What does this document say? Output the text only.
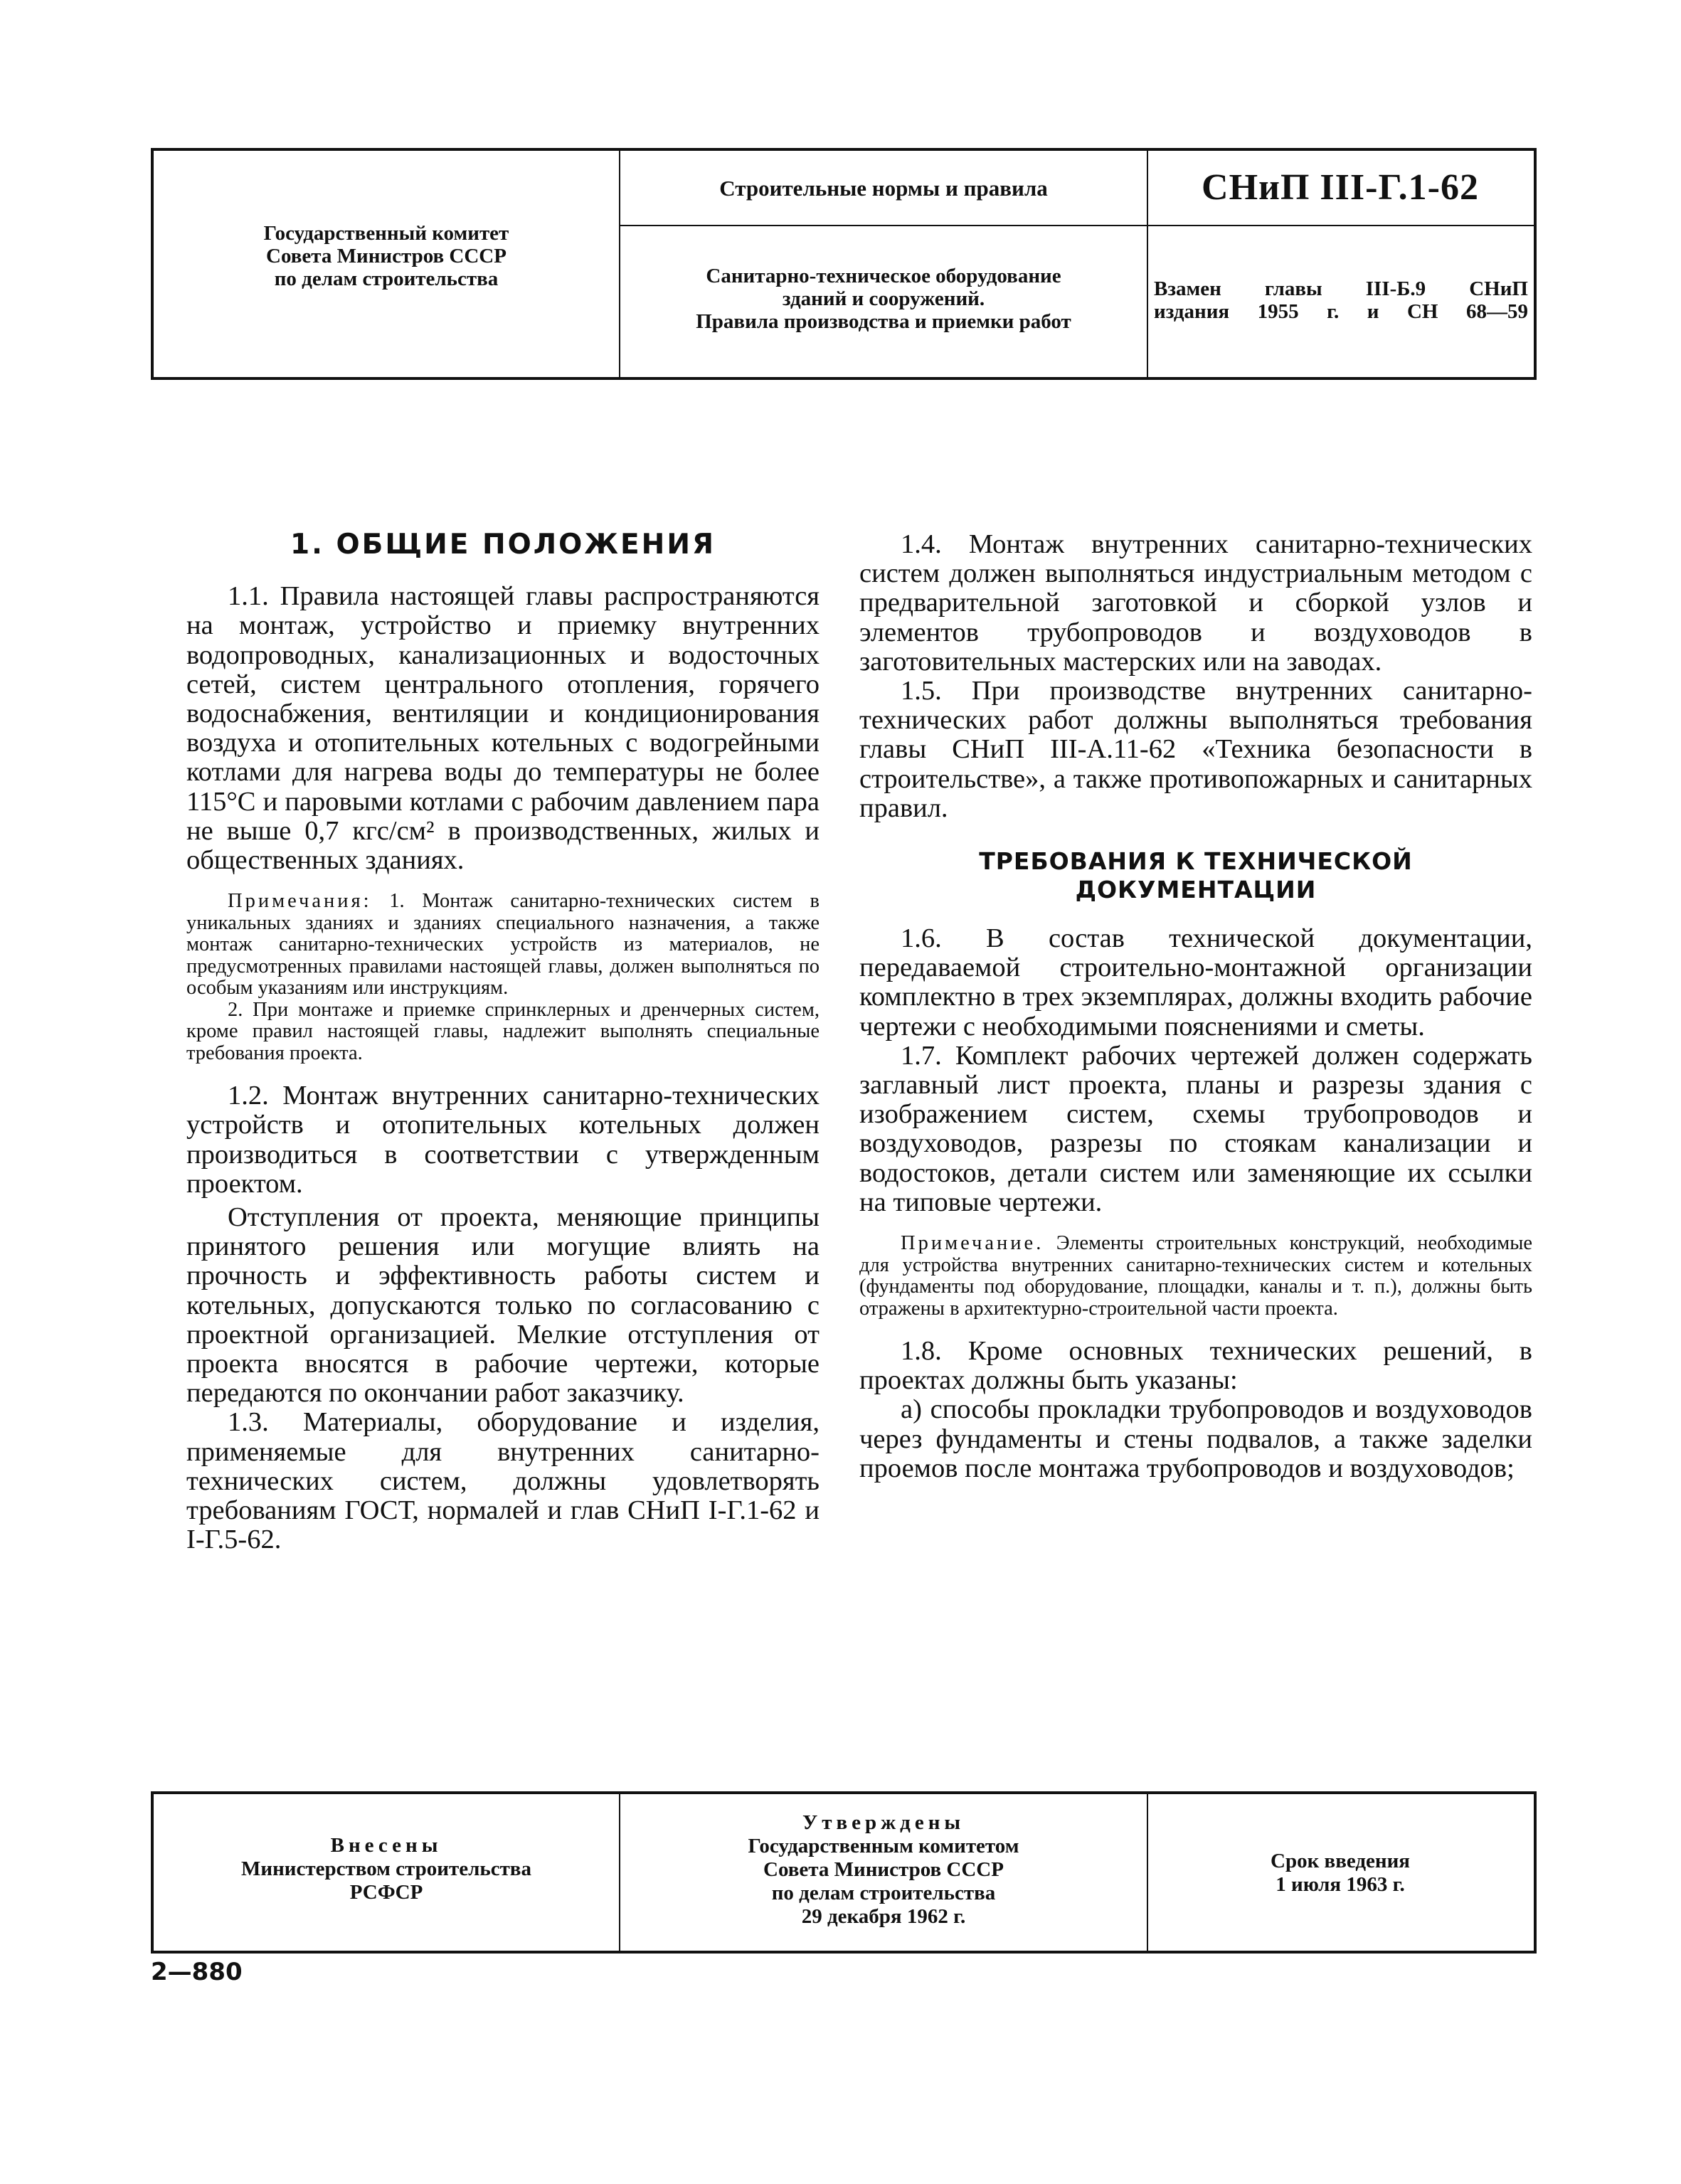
Государственный комитет
Совета Министров СССР
по делам строительства
Строительные нормы и правила	СНиП III-Г.1-62
Санитарно-техническое оборудование
зданий и сооружений.
Правила производства и приемки работ
Взамен главы III-Б.9 СНиП
издания 1955 г. и СН 68—59
1. ОБЩИЕ ПОЛОЖЕНИЯ

1.1. Правила настоящей главы распространяются на монтаж, устройство и приемку внутренних водопроводных, канализационных и водосточных сетей, систем центрального отопления, горячего водоснабжения, вентиляции и кондиционирования воздуха и отопительных котельных с водогрейными котлами для нагрева воды до температуры не более 115°С и паровыми котлами с рабочим давлением пара не выше 0,7 кгс/см² в производственных, жилых и общественных зданиях.

Примечания: 1. Монтаж санитарно-технических систем в уникальных зданиях и зданиях специального назначения, а также монтаж санитарно-технических устройств из материалов, не предусмотренных правилами настоящей главы, должен выполняться по особым указаниям или инструкциям.

2. При монтаже и приемке спринклерных и дренчерных систем, кроме правил настоящей главы, надлежит выполнять специальные требования проекта.

1.2. Монтаж внутренних санитарно-технических устройств и отопительных котельных должен производиться в соответствии с утвержденным проектом.

Отступления от проекта, меняющие принципы принятого решения или могущие влиять на прочность и эффективность работы систем и котельных, допускаются только по согласованию с проектной организацией. Мелкие отступления от проекта вносятся в рабочие чертежи, которые передаются по окончании работ заказчику.

1.3. Материалы, оборудование и изделия, применяемые для внутренних санитарно-технических систем, должны удовлетворять требованиям ГОСТ, нормалей и глав СНиП I-Г.1-62 и I-Г.5-62.

1.4. Монтаж внутренних санитарно-технических систем должен выполняться индустриальным методом с предварительной заготовкой и сборкой узлов и элементов трубопроводов и воздуховодов в заготовительных мастерских или на заводах.

1.5. При производстве внутренних санитарно-технических работ должны выполняться требования главы СНиП III-А.11-62 «Техника безопасности в строительстве», а также противопожарных и санитарных правил.

ТРЕБОВАНИЯ К ТЕХНИЧЕСКОЙ
ДОКУМЕНТАЦИИ

1.6. В состав технической документации, передаваемой строительно-монтажной организации комплектно в трех экземплярах, должны входить рабочие чертежи с необходимыми пояснениями и сметы.

1.7. Комплект рабочих чертежей должен содержать заглавный лист проекта, планы и разрезы здания с изображением систем, схемы трубопроводов и воздуховодов, разрезы по стоякам канализации и водостоков, детали систем или заменяющие их ссылки на типовые чертежи.

Примечание. Элементы строительных конструкций, необходимые для устройства внутренних санитарно-технических систем и котельных (фундаменты под оборудование, площадки, каналы и т. п.), должны быть отражены в архитектурно-строительной части проекта.

1.8. Кроме основных технических решений, в проектах должны быть указаны:

а) способы прокладки трубопроводов и воздуховодов через фундаменты и стены подвалов, а также заделки проемов после монтажа трубопроводов и воздуховодов;

Внесены
Министерством строительства
РСФСР
Утверждены
Государственным комитетом
Совета Министров СССР
по делам строительства
29 декабря 1962 г.
Срок введения
1 июля 1963 г.
2—880
